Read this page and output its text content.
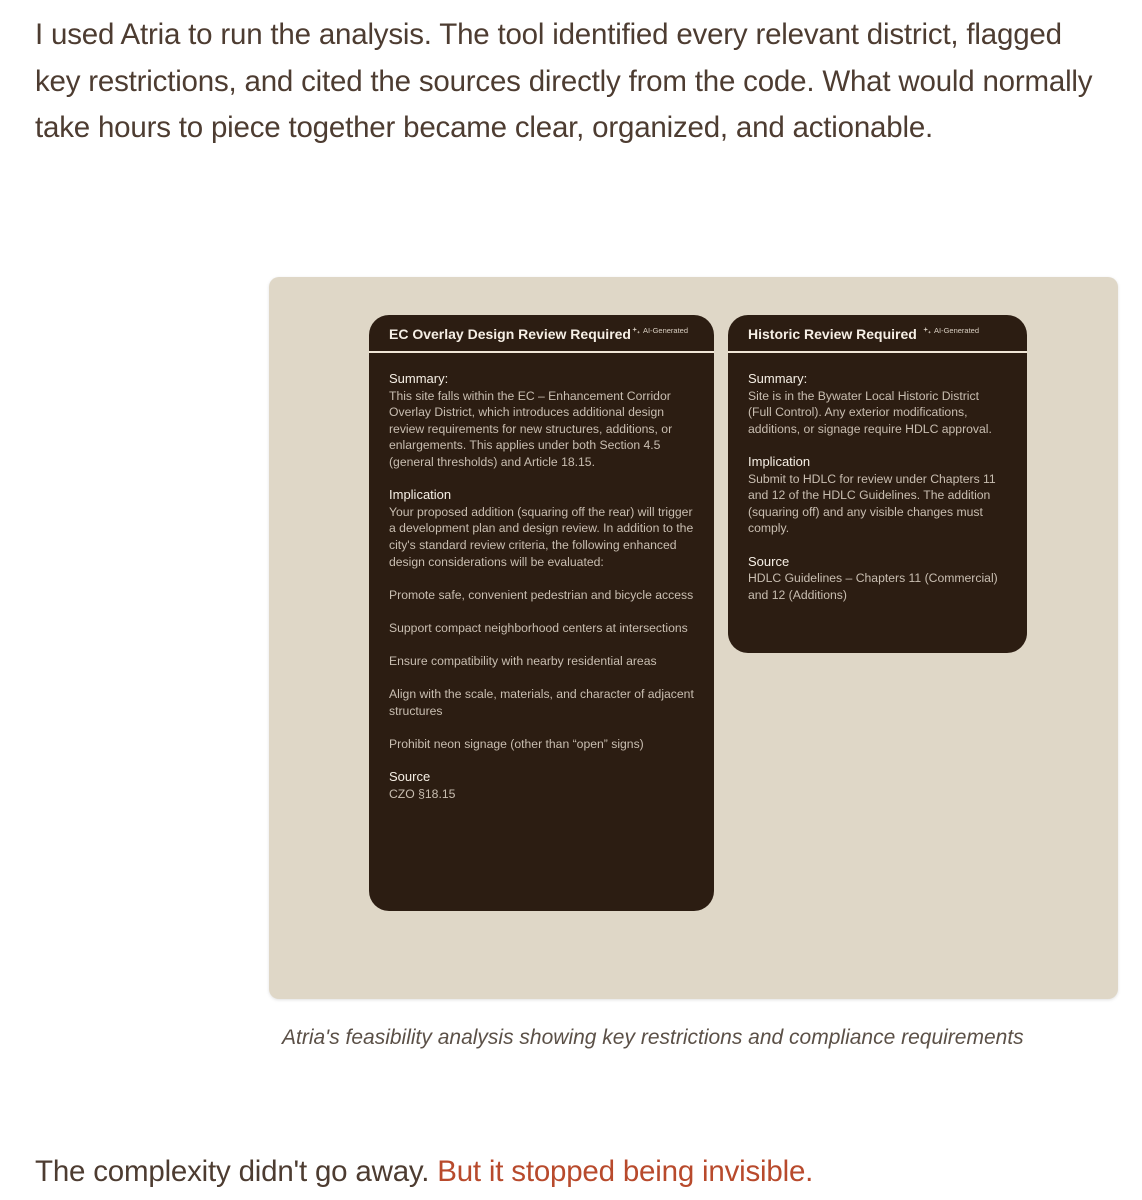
I used Atria to run the analysis. The tool identified every relevant district, flagged key restrictions, and cited the sources directly from the code. What would normally take hours to piece together became clear, organized, and actionable.

EC Overlay Design Review Required AI-Generated
Summary:

This site falls within the EC – Enhancement Corridor Overlay District, which introduces additional design review requirements for new structures, additions, or enlargements. This applies under both Section 4.5 (general thresholds) and Article 18.15.

Implication

Your proposed addition (squaring off the rear) will trigger a development plan and design review. In addition to the city's standard review criteria, the following enhanced design considerations will be evaluated:

Promote safe, convenient pedestrian and bicycle access

Support compact neighborhood centers at intersections

Ensure compatibility with nearby residential areas

Align with the scale, materials, and character of adjacent structures

Prohibit neon signage (other than “open” signs)

Source

CZO §18.15

Historic Review Required AI-Generated
Summary:

Site is in the Bywater Local Historic District (Full Control). Any exterior modifications, additions, or signage require HDLC approval.

Implication

Submit to HDLC for review under Chapters 11 and 12 of the HDLC Guidelines. The addition (squaring off) and any visible changes must comply.

Source

HDLC Guidelines – Chapters 11 (Commercial) and 12 (Additions)

Atria's feasibility analysis showing key restrictions and compliance requirements

The complexity didn't go away. But it stopped being invisible.
